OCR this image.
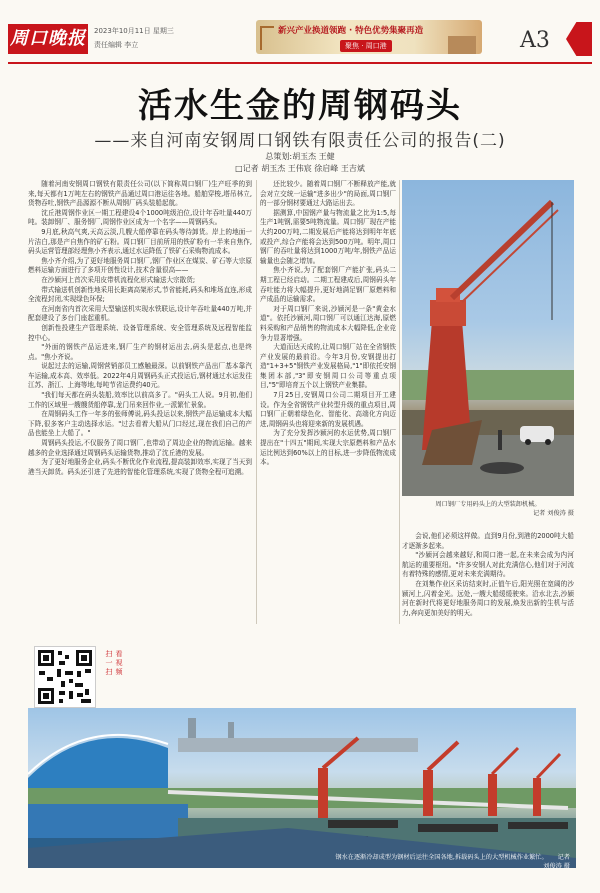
周口晚报 2023年10月11日 星期三
责任编辑 李立
新兴产业换道领跑 · 特色优势集聚再造
聚焦 · 周口港	A3
活水生金的周钢码头
——来自河南安钢周口钢铁有限责任公司的报告(二)
总策划:胡玉杰 王健
□记者 胡玉杰 王伟宸 徐启峰 王吉斌

随着河南安钢周口钢铁有限责任公司(以下简称周口钢厂)生产旺季的到来,每天都有1万吨左右的钢铁产品通过周口港运往各地。船舶穿梭,塔吊林立,货物吞吐,钢铁产品源源不断从周钢厂码头装船起航。

沈丘港周钢作业区一期工程建设4个1000吨级泊位,设计年吞吐量440万吨。装卸钢厂、服务钢厂,周钢作业区成为一个名字——周钢码头。

9月底,秋高气爽,天高云淡,几艘大船停靠在码头等待卸货。岸上的地面一片洁白,那是产自焦作的矿石粉。周口钢厂目前所用的铁矿粉有一半来自焦作,码头运营管理部经理焦小齐表示,通过水运降低了铁矿石采购物流成本。

焦小齐介绍,为了更好地服务周口钢厂,钢厂作业区在煤炭、矿石等大宗原燃料运输方面进行了多项开创性设计,技术含量很高——

在沙颍河上首次采用皮带机流程化形式输送大宗散货;

带式输送机创新性地采用长距离高架形式,节省能耗,码头和堆场直连,形成全流程封闭,实现绿色环保;

在河南省内首次采用大型输送机实现水铁联运,设计年吞吐量440万吨,并配套建设了多台门座起重机。

创新性投建生产管理系统、设备管理系统、安全管理系统及远程智能监控中心。

"外面的钢铁产品运进来,钢厂生产的钢材运出去,码头是起点,也是终点。"焦小齐说。

说起过去的运输,周钢营销部员工感触最深。以前钢铁产品出厂基本靠汽车运输,成本高、效率低。2022年4月周钢码头正式投运后,钢材通过水运发往江苏、浙江、上海等地,每吨节省运费约40元。

"我们每天都在码头装船,效率比以前高多了。"码头工人说。9月初,他们工作的区域里一艘艘货船停靠,龙门吊来回作业,一派繁忙景象。

在周钢码头工作一年多的张师傅说,码头投运以来,钢铁产品运输成本大幅下降,很多客户主动选择水运。"过去看着大船从门口经过,现在我们自己的产品也能坐上大船了。"

周钢码头投运,不仅服务了周口钢厂,也带动了周边企业的物流运输。越来越多的企业选择通过周钢码头运输货物,推动了沈丘港的发展。

为了更好地服务企业,码头不断优化作业流程,提高装卸效率,实现了当天到港当天卸货。码头还引进了先进的智能化管理系统,实现了货物全程可追溯。

还比较少。随着周口钢厂不断释放产能,就会对立交统一运输"进多出少"的局面,周口钢厂的一部分钢材要通过大路运出去。

据测算,中国钢产量与物流量之比为1:5,每生产1吨钢,需要5吨物流量。周口钢厂现在产能大约200万吨,二期发展后产能将达到明年年底或投产,综合产能将会达到500万吨。明年,周口钢厂的吞吐量将达到1000万吨/年,钢铁产品运输量也会随之增加。

焦小齐说,为了配套钢厂产能扩张,码头二期工程已经启动。二期工程建成后,周钢码头年吞吐能力将大幅提升,更好地满足钢厂原燃料和产成品的运输需求。

对于周口钢厂来说,沙颍河是一条"黄金水道"。依托沙颍河,周口钢厂可以通江达海,原燃料采购和产品销售的物流成本大幅降低,企业竞争力显著增强。

大道而达天成的,让周口钢厂站在全省钢铁产业发展的最前沿。今年3月份,安钢提出打造"1+3+5"钢铁产业发展格局,"1"即依托安钢集团本部,"3"即安钢周口公司等重点项目,"5"即培育五个以上钢铁产业集群。

7月25日,安钢周口公司二期项目开工建设。作为全省钢铁产业转型升级的重点项目,周口钢厂正朝着绿色化、智能化、高端化方向迈进,周钢码头也将迎来新的发展机遇。

为了充分发挥沙颍河的水运优势,周口钢厂提出在"十四五"期间,实现大宗原燃料和产品水运比例达到60%以上的目标,进一步降低物流成本。

周口钢厂专用码头上的大型装卸机械。
记者 刘俊涛 摄

会说,他们必须这样做。直到9月份,到港的2000吨大船才逐渐多起来。

"沙颍河会越来越好,和周口港一起,在未来会成为内河航运的重要枢纽。"许多安钢人对此充满信心,他们对于河流有着特殊的感情,更对未来充满期待。

在刘集作业区采访结束时,正值午后,阳光照在宽阔的沙颍河上,闪着金光。远处,一艘大船缓缓驶来。沿水北去,沙颍河在新时代将更好地服务周口的发展,焕发出新的生机与活力,奔向更加美好的明天。

扫一扫 看视频
钢水在逐渐冷却成型为钢材后运往全国各地,拆载码头上的大型机械作业繁忙。 记者 刘俊涛 摄
